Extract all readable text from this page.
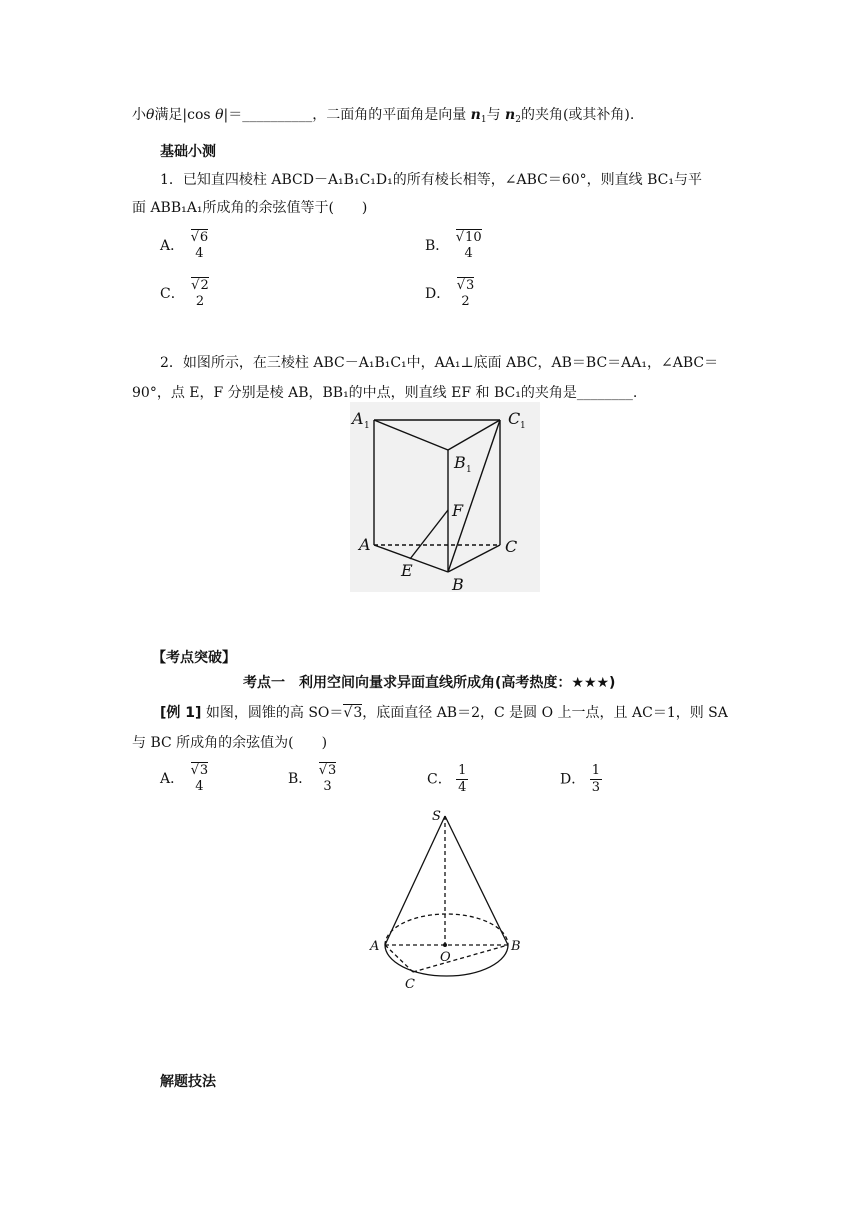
小θ满足|cos θ|＝__________，二面角的平面角是向量 $n_1$与 $n_2$的夹角(或其补角).
基础小测
1．已知直四棱柱 ABCD－A₁B₁C₁D₁的所有棱长相等，∠ABC＝60°，则直线 BC₁与平
面 ABB₁A₁所成角的余弦值等于(　　)
A．
√ 6
4	B．
√ 10
4
C．
√ 2
2	D．
√ 3
2
2．如图所示，在三棱柱 ABC－A₁B₁C₁中，AA₁⊥底面 ABC，AB＝BC＝AA₁，∠ABC＝
90°，点 E，F 分别是棱 AB，BB₁的中点，则直线 EF 和 BC₁的夹角是________.
A 1	C 1
B 1
F
A	C
E
B
【考点突破】
考点一　利用空间向量求异面直线所成角(高考热度：★★★)
[例 1] 如图，圆锥的高 SO＝√ 3，底面直径 AB＝2，C 是圆 O 上一点，且 AC＝1，则 SA
与 BC 所成角的余弦值为(　　)
A．
√ 3
4	B．
√ 3
3	C． $\frac{1}{4}$	D． $\frac{1}{3}$
S
A	B
O
C
解题技法
